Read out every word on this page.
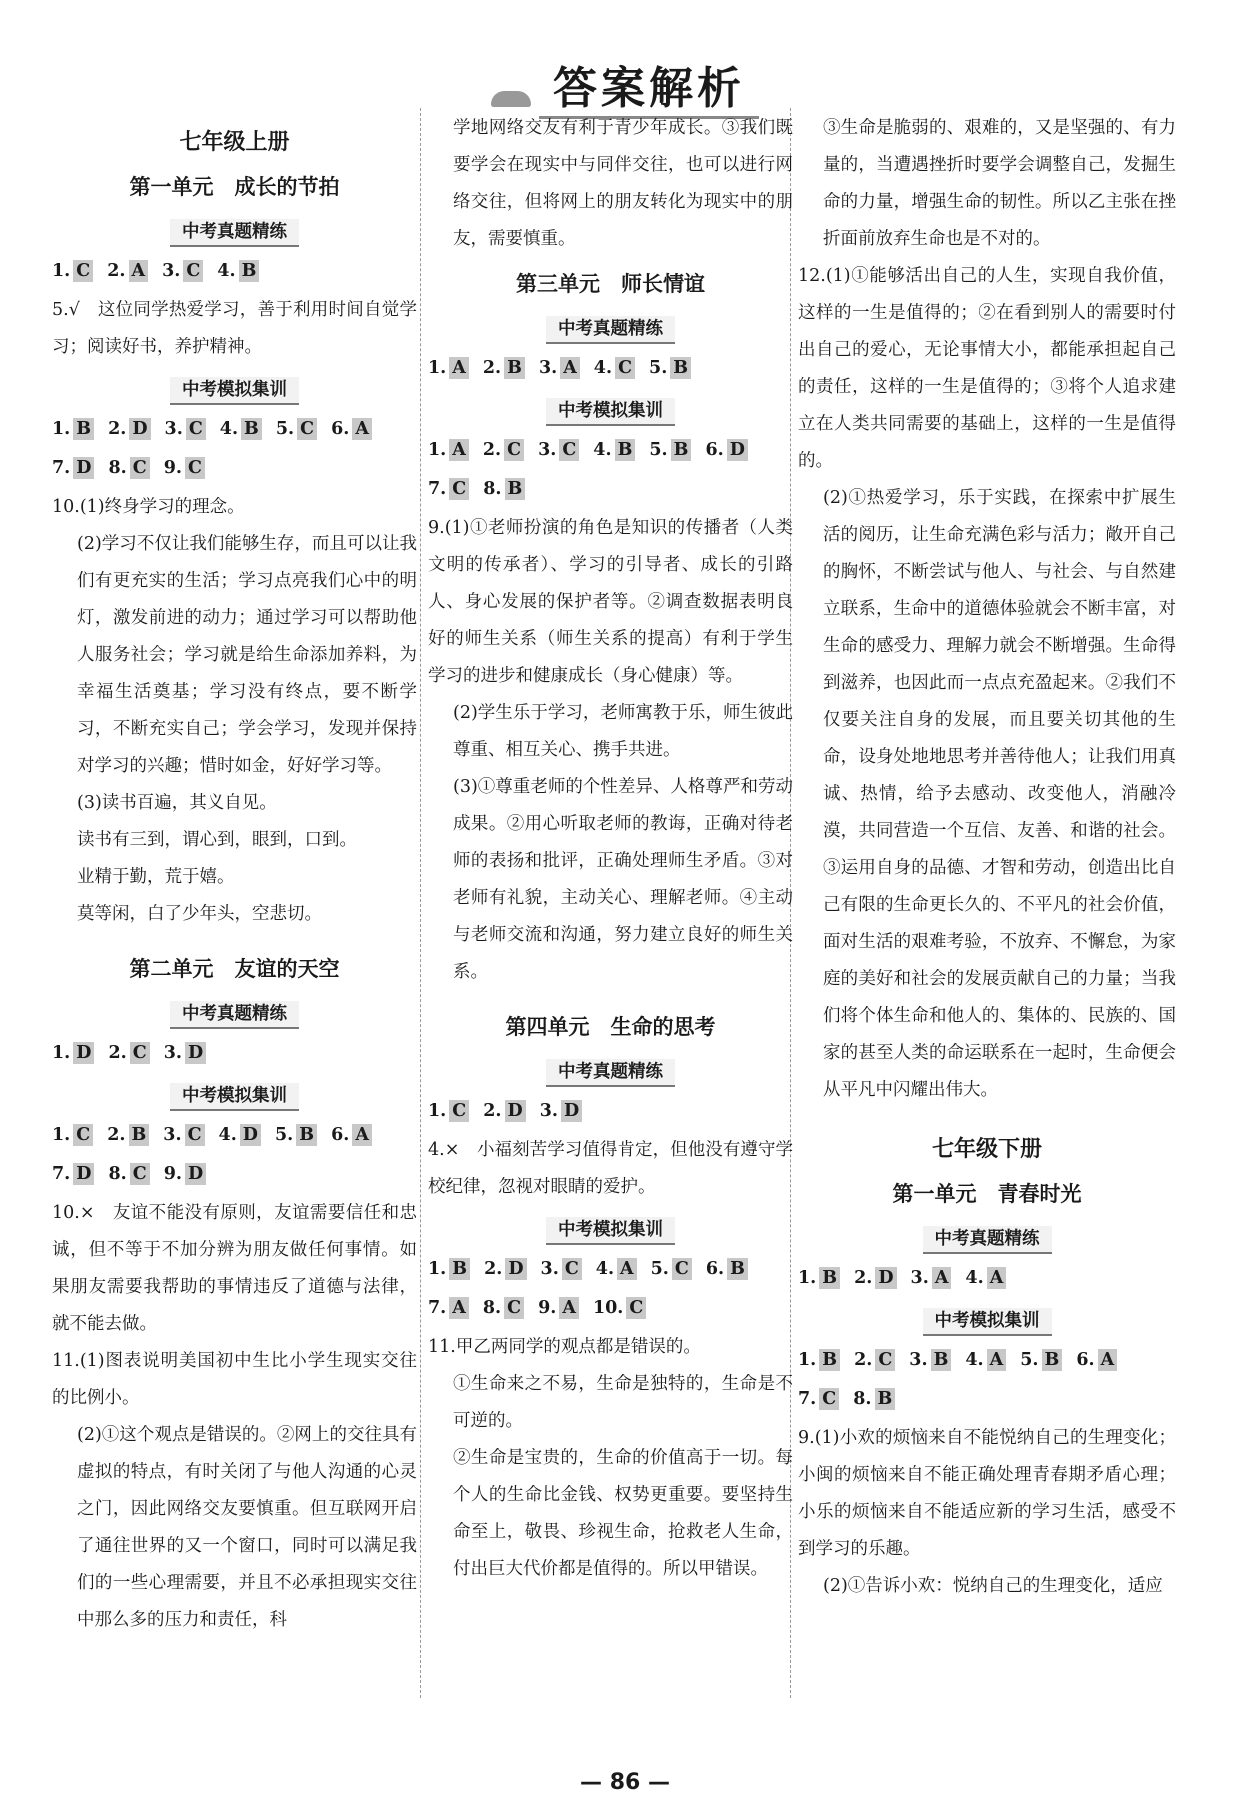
答案解析
七年级上册
第一单元　成长的节拍
中考真题精练
1. C 2. A 3. C 4. B

5.√　这位同学热爱学习，善于利用时间自觉学习；阅读好书，养护精神。

中考模拟集训
1. B 2. D 3. C 4. B 5. C 6. A
7. D 8. C 9. C

10.(1)终身学习的理念。

(2)学习不仅让我们能够生存，而且可以让我们有更充实的生活；学习点亮我们心中的明灯，激发前进的动力；通过学习可以帮助他人服务社会；学习就是给生命添加养料，为幸福生活奠基；学习没有终点，要不断学习，不断充实自己；学会学习，发现并保持对学习的兴趣；惜时如金，好好学习等。

(3)读书百遍，其义自见。

读书有三到，谓心到，眼到，口到。

业精于勤，荒于嬉。

莫等闲，白了少年头，空悲切。

第二单元　友谊的天空
中考真题精练
1. D 2. C 3. D
中考模拟集训
1. C 2. B 3. C 4. D 5. B 6. A
7. D 8. C 9. D

10.×　友谊不能没有原则，友谊需要信任和忠诚，但不等于不加分辨为朋友做任何事情。如果朋友需要我帮助的事情违反了道德与法律，就不能去做。

11.(1)图表说明美国初中生比小学生现实交往的比例小。

(2)①这个观点是错误的。②网上的交往具有虚拟的特点，有时关闭了与他人沟通的心灵之门，因此网络交友要慎重。但互联网开启了通往世界的又一个窗口，同时可以满足我们的一些心理需要，并且不必承担现实交往中那么多的压力和责任，科

学地网络交友有利于青少年成长。③我们既要学会在现实中与同伴交往，也可以进行网络交往，但将网上的朋友转化为现实中的朋友，需要慎重。

第三单元　师长情谊
中考真题精练
1. A 2. B 3. A 4. C 5. B
中考模拟集训
1. A 2. C 3. C 4. B 5. B 6. D
7. C 8. B

9.(1)①老师扮演的角色是知识的传播者（人类文明的传承者）、学习的引导者、成长的引路人、身心发展的保护者等。②调查数据表明良好的师生关系（师生关系的提高）有利于学生学习的进步和健康成长（身心健康）等。

(2)学生乐于学习，老师寓教于乐，师生彼此尊重、相互关心、携手共进。

(3)①尊重老师的个性差异、人格尊严和劳动成果。②用心听取老师的教诲，正确对待老师的表扬和批评，正确处理师生矛盾。③对老师有礼貌，主动关心、理解老师。④主动与老师交流和沟通，努力建立良好的师生关系。

第四单元　生命的思考
中考真题精练
1. C 2. D 3. D

4.×　小福刻苦学习值得肯定，但他没有遵守学校纪律，忽视对眼睛的爱护。

中考模拟集训
1. B 2. D 3. C 4. A 5. C 6. B
7. A 8. C 9. A 10. C

11.甲乙两同学的观点都是错误的。

①生命来之不易，生命是独特的，生命是不可逆的。

②生命是宝贵的，生命的价值高于一切。每个人的生命比金钱、权势更重要。要坚持生命至上，敬畏、珍视生命，抢救老人生命，付出巨大代价都是值得的。所以甲错误。

③生命是脆弱的、艰难的，又是坚强的、有力量的，当遭遇挫折时要学会调整自己，发掘生命的力量，增强生命的韧性。所以乙主张在挫折面前放弃生命也是不对的。

12.(1)①能够活出自己的人生，实现自我价值，这样的一生是值得的；②在看到别人的需要时付出自己的爱心，无论事情大小，都能承担起自己的责任，这样的一生是值得的；③将个人追求建立在人类共同需要的基础上，这样的一生是值得的。

(2)①热爱学习，乐于实践，在探索中扩展生活的阅历，让生命充满色彩与活力；敞开自己的胸怀，不断尝试与他人、与社会、与自然建立联系，生命中的道德体验就会不断丰富，对生命的感受力、理解力就会不断增强。生命得到滋养，也因此而一点点充盈起来。②我们不仅要关注自身的发展，而且要关切其他的生命，设身处地地思考并善待他人；让我们用真诚、热情，给予去感动、改变他人，消融冷漠，共同营造一个互信、友善、和谐的社会。③运用自身的品德、才智和劳动，创造出比自己有限的生命更长久的、不平凡的社会价值，面对生活的艰难考验，不放弃、不懈怠，为家庭的美好和社会的发展贡献自己的力量；当我们将个体生命和他人的、集体的、民族的、国家的甚至人类的命运联系在一起时，生命便会从平凡中闪耀出伟大。

七年级下册
第一单元　青春时光
中考真题精练
1. B 2. D 3. A 4. A
中考模拟集训
1. B 2. C 3. B 4. A 5. B 6. A
7. C 8. B

9.(1)小欢的烦恼来自不能悦纳自己的生理变化；小闽的烦恼来自不能正确处理青春期矛盾心理；小乐的烦恼来自不能适应新的学习生活，感受不到学习的乐趣。

(2)①告诉小欢：悦纳自己的生理变化，适应

— 86 —
